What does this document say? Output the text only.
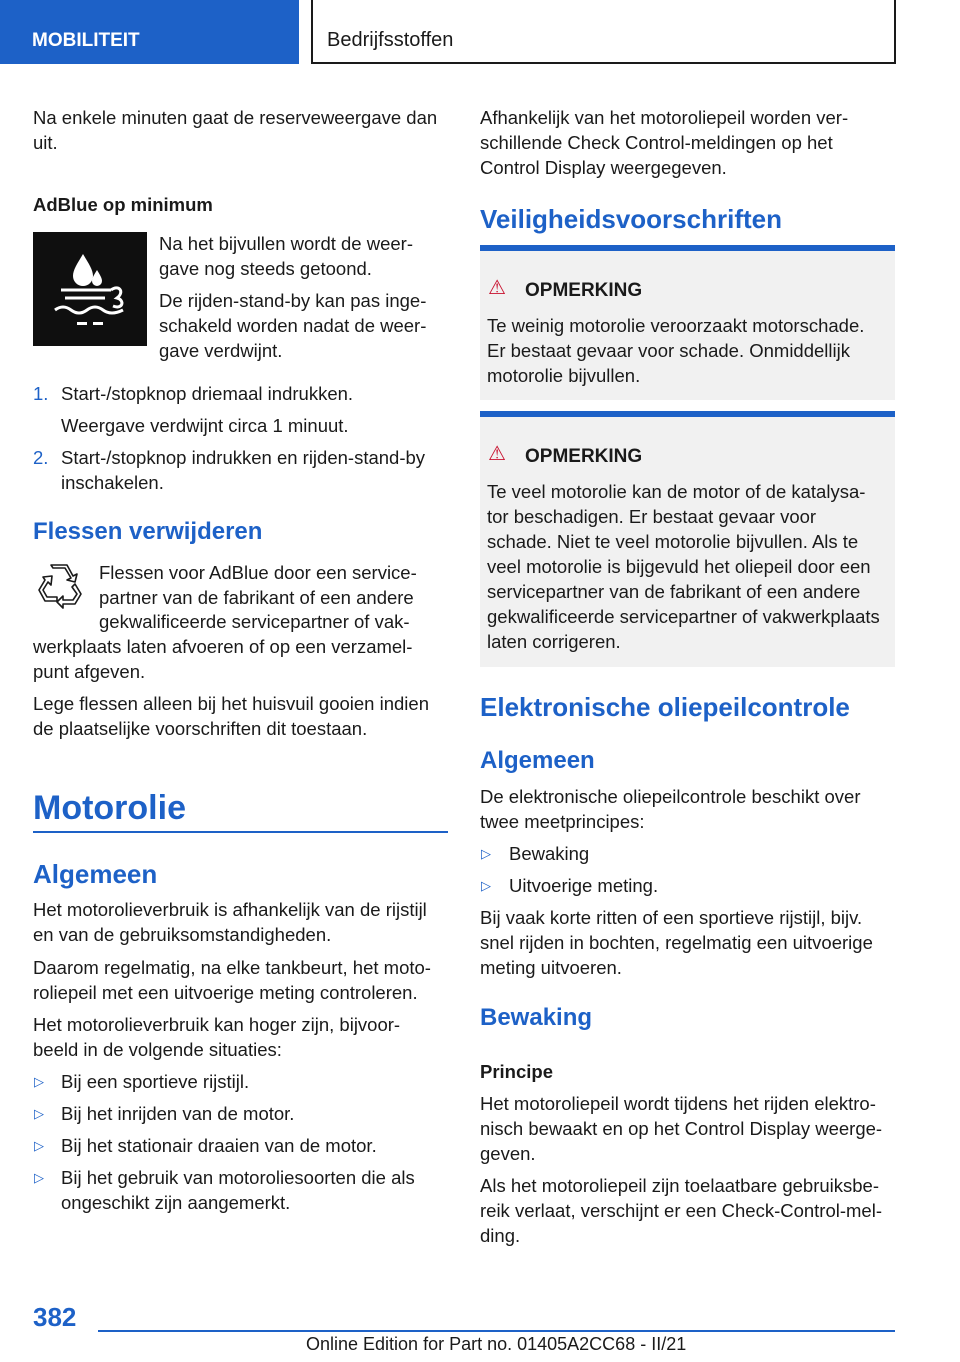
MOBILITEIT	Bedrijfsstoffen
Na enkele minuten gaat de reserveweergave dan
uit.
AdBlue op minimum
Na het bijvullen wordt de weer-
gave nog steeds getoond.
De rijden-stand-by kan pas inge-
schakeld worden nadat de weer-
gave verdwijnt.
1. Start-/stopknop driemaal indrukken.
Weergave verdwijnt circa 1 minuut.
2. Start-/stopknop indrukken en rijden-stand-by
inschakelen.
Flessen verwijderen
Flessen voor AdBlue door een service-
partner van de fabrikant of een andere
gekwalificeerde servicepartner of vak-
werkplaats laten afvoeren of op een verzamel-
punt afgeven.
Lege flessen alleen bij het huisvuil gooien indien
de plaatselijke voorschriften dit toestaan.
Motorolie
Algemeen
Het motorolieverbruik is afhankelijk van de rijstijl
en van de gebruiksomstandigheden.
Daarom regelmatig, na elke tankbeurt, het moto-
roliepeil met een uitvoerige meting controleren.
Het motorolieverbruik kan hoger zijn, bijvoor-
beeld in de volgende situaties:
▷ Bij een sportieve rijstijl.
▷ Bij het inrijden van de motor.
▷ Bij het stationair draaien van de motor.
▷ Bij het gebruik van motoroliesoorten die als
ongeschikt zijn aangemerkt.
Afhankelijk van het motoroliepeil worden ver-
schillende Check Control-meldingen op het
Control Display weergegeven.
Veiligheidsvoorschriften
⚠ OPMERKING
Te weinig motorolie veroorzaakt motorschade.
Er bestaat gevaar voor schade. Onmiddellijk
motorolie bijvullen.
⚠ OPMERKING
Te veel motorolie kan de motor of de katalysa-
tor beschadigen. Er bestaat gevaar voor
schade. Niet te veel motorolie bijvullen. Als te
veel motorolie is bijgevuld het oliepeil door een
servicepartner van de fabrikant of een andere
gekwalificeerde servicepartner of vakwerkplaats
laten corrigeren.
Elektronische oliepeilcontrole
Algemeen
De elektronische oliepeilcontrole beschikt over
twee meetprincipes:
▷ Bewaking
▷ Uitvoerige meting.
Bij vaak korte ritten of een sportieve rijstijl, bijv.
snel rijden in bochten, regelmatig een uitvoerige
meting uitvoeren.
Bewaking
Principe
Het motoroliepeil wordt tijdens het rijden elektro-
nisch bewaakt en op het Control Display weerge-
geven.
Als het motoroliepeil zijn toelaatbare gebruiksbe-
reik verlaat, verschijnt er een Check-Control-mel-
ding.
382
Online Edition for Part no. 01405A2CC68 - II/21
